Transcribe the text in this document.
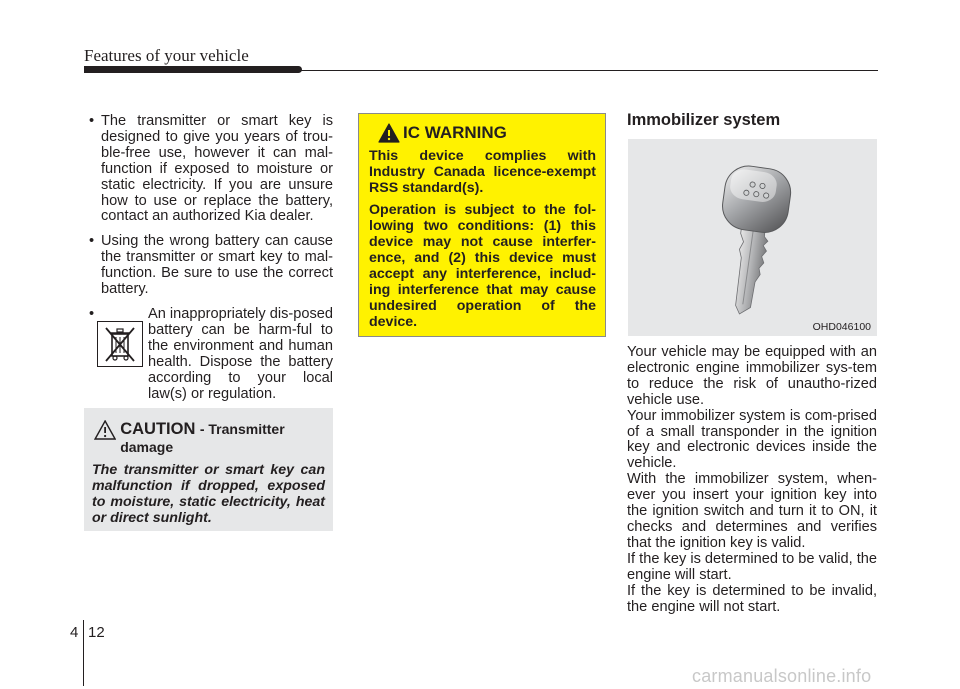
Features of your vehicle
• The transmitter or smart key is designed to give you years of trou-ble-free use, however it can mal-function if exposed to moisture or static electricity. If you are unsure how to use or replace the battery, contact an authorized Kia dealer.
• Using the wrong battery can cause the transmitter or smart key to mal-function. Be sure to use the correct battery.
•	An inappropriately dis-posed battery can be harm-ful to the environment and human health. Dispose the battery according to your local law(s) or regulation.
CAUTION - Transmitter damage
The transmitter or smart key can malfunction if dropped, exposed to moisture, static electricity, heat or direct sunlight.
IC WARNING
This device complies with Industry Canada licence-exempt RSS standard(s).
Operation is subject to the fol-lowing two conditions: (1) this device may not cause interfer-ence, and (2) this device must accept any interference, includ-ing interference that may cause undesired operation of the device.
Immobilizer system
OHD046100

Your vehicle may be equipped with an electronic engine immobilizer sys-tem to reduce the risk of unautho-rized vehicle use.

Your immobilizer system is com-prised of a small transponder in the ignition key and electronic devices inside the vehicle.

With the immobilizer system, when-ever you insert your ignition key into the ignition switch and turn it to ON, it checks and determines and verifies that the ignition key is valid.

If the key is determined to be valid, the engine will start.

If the key is determined to be invalid, the engine will not start.

4 12
carmanualsonline.info
